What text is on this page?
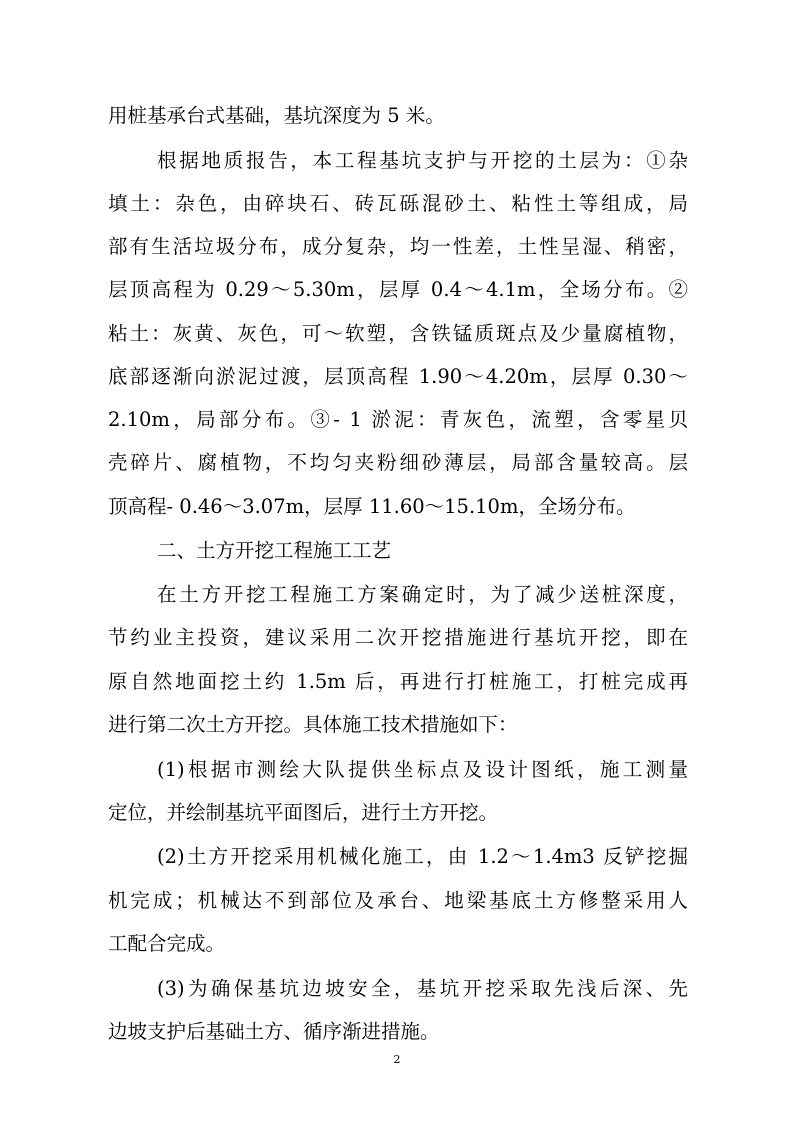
用桩基承台式基础，基坑深度为 5 米。
根据地质报告，本工程基坑支护与开挖的土层为：①杂
填土：杂色，由碎块石、砖瓦砾混砂土、粘性土等组成，局
部有生活垃圾分布，成分复杂，均一性差，土性呈湿、稍密，
层顶高程为 0.29～5.30m，层厚 0.4～4.1m，全场分布。②
粘土：灰黄、灰色，可～软塑，含铁锰质斑点及少量腐植物，
底部逐渐向淤泥过渡，层顶高程 1.90～4.20m，层厚 0.30～
2.10m，局部分布。③- 1 淤泥：青灰色，流塑，含零星贝
壳碎片、腐植物，不均匀夹粉细砂薄层，局部含量较高。层
顶高程- 0.46～3.07m，层厚 11.60～15.10m，全场分布。
二、土方开挖工程施工工艺
在土方开挖工程施工方案确定时，为了减少送桩深度，
节约业主投资，建议采用二次开挖措施进行基坑开挖，即在
原自然地面挖土约 1.5m 后，再进行打桩施工，打桩完成再
进行第二次土方开挖。具体施工技术措施如下：
(1)根据市测绘大队提供坐标点及设计图纸，施工测量
定位，并绘制基坑平面图后，进行土方开挖。
(2)土方开挖采用机械化施工，由 1.2～1.4m3 反铲挖掘
机完成；机械达不到部位及承台、地梁基底土方修整采用人
工配合完成。
(3)为确保基坑边坡安全，基坑开挖采取先浅后深、先
边坡支护后基础土方、循序渐进措施。
2
